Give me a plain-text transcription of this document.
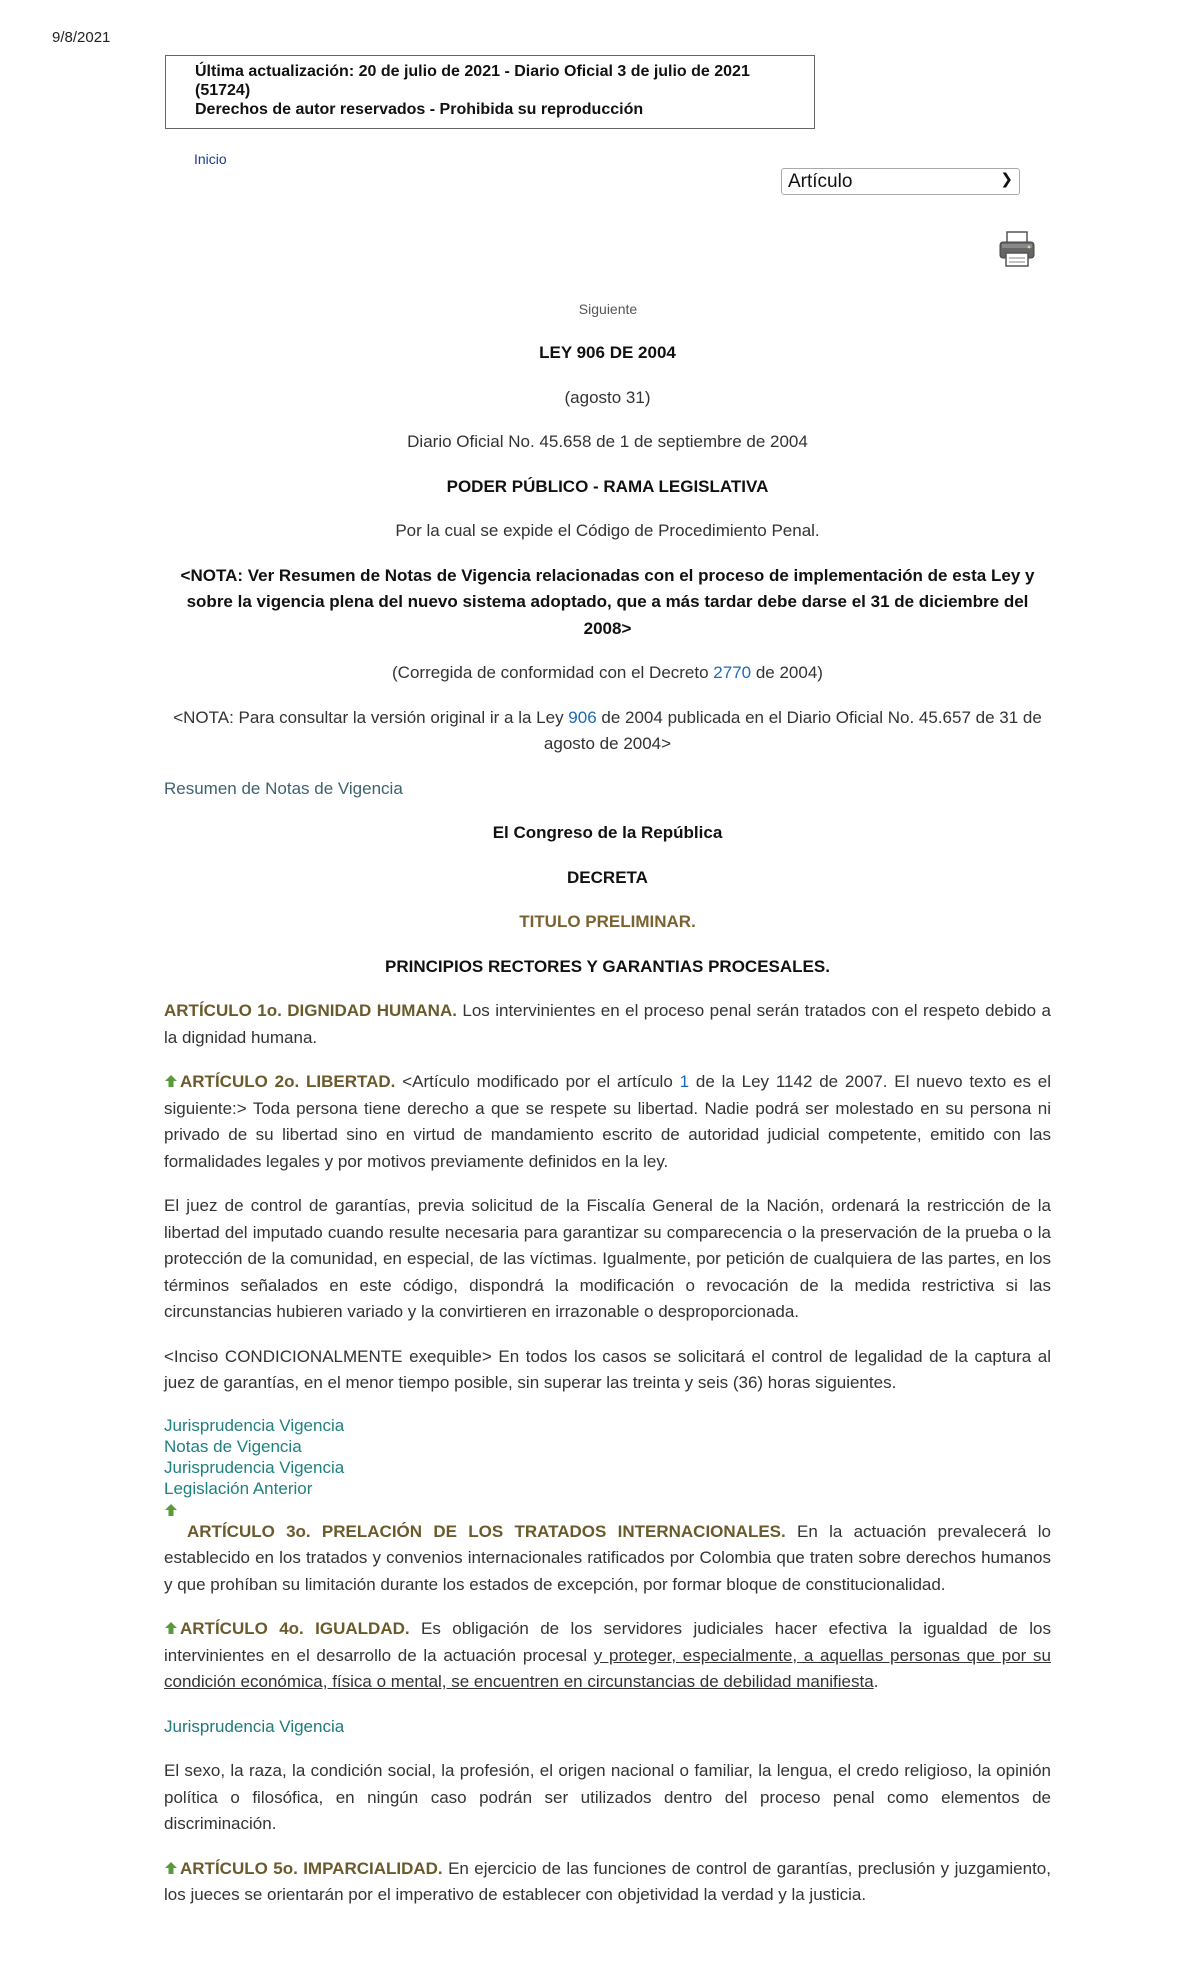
9/8/2021
Última actualización: 20 de julio de 2021 - Diario Oficial 3 de julio de 2021
(51724)
Derechos de autor reservados - Prohibida su reproducción
Inicio
Artículo	❯
Siguiente

LEY 906 DE 2004

(agosto 31)

Diario Oficial No. 45.658 de 1 de septiembre de 2004

PODER PÚBLICO - RAMA LEGISLATIVA

Por la cual se expide el Código de Procedimiento Penal.

<NOTA: Ver Resumen de Notas de Vigencia relacionadas con el proceso de implementación de esta Ley y sobre la vigencia plena del nuevo sistema adoptado, que a más tardar debe darse el 31 de diciembre del 2008>

(Corregida de conformidad con el Decreto 2770 de 2004)

<NOTA: Para consultar la versión original ir a la Ley 906 de 2004 publicada en el Diario Oficial No. 45.657 de 31 de agosto de 2004>

Resumen de Notas de Vigencia

El Congreso de la República

DECRETA

TITULO PRELIMINAR.

PRINCIPIOS RECTORES Y GARANTIAS PROCESALES.

ARTÍCULO 1o. DIGNIDAD HUMANA. Los intervinientes en el proceso penal serán tratados con el respeto debido a la dignidad humana.

ARTÍCULO 2o. LIBERTAD. <Artículo modificado por el artículo 1 de la Ley 1142 de 2007. El nuevo texto es el siguiente:> Toda persona tiene derecho a que se respete su libertad. Nadie podrá ser molestado en su persona ni privado de su libertad sino en virtud de mandamiento escrito de autoridad judicial competente, emitido con las formalidades legales y por motivos previamente definidos en la ley.

El juez de control de garantías, previa solicitud de la Fiscalía General de la Nación, ordenará la restricción de la libertad del imputado cuando resulte necesaria para garantizar su comparecencia o la preservación de la prueba o la protección de la comunidad, en especial, de las víctimas. Igualmente, por petición de cualquiera de las partes, en los términos señalados en este código, dispondrá la modificación o revocación de la medida restrictiva si las circunstancias hubieren variado y la convirtieren en irrazonable o desproporcionada.

<Inciso CONDICIONALMENTE exequible> En todos los casos se solicitará el control de legalidad de la captura al juez de garantías, en el menor tiempo posible, sin superar las treinta y seis (36) horas siguientes.

Jurisprudencia Vigencia
Notas de Vigencia
Jurisprudencia Vigencia
Legislación Anterior

ARTÍCULO 3o. PRELACIÓN DE LOS TRATADOS INTERNACIONALES. En la actuación prevalecerá lo establecido en los tratados y convenios internacionales ratificados por Colombia que traten sobre derechos humanos y que prohíban su limitación durante los estados de excepción, por formar bloque de constitucionalidad.

ARTÍCULO 4o. IGUALDAD. Es obligación de los servidores judiciales hacer efectiva la igualdad de los intervinientes en el desarrollo de la actuación procesal y proteger, especialmente, a aquellas personas que por su condición económica, física o mental, se encuentren en circunstancias de debilidad manifiesta.

Jurisprudencia Vigencia

El sexo, la raza, la condición social, la profesión, el origen nacional o familiar, la lengua, el credo religioso, la opinión política o filosófica, en ningún caso podrán ser utilizados dentro del proceso penal como elementos de discriminación.

ARTÍCULO 5o. IMPARCIALIDAD. En ejercicio de las funciones de control de garantías, preclusión y juzgamiento, los jueces se orientarán por el imperativo de establecer con objetividad la verdad y la justicia.
